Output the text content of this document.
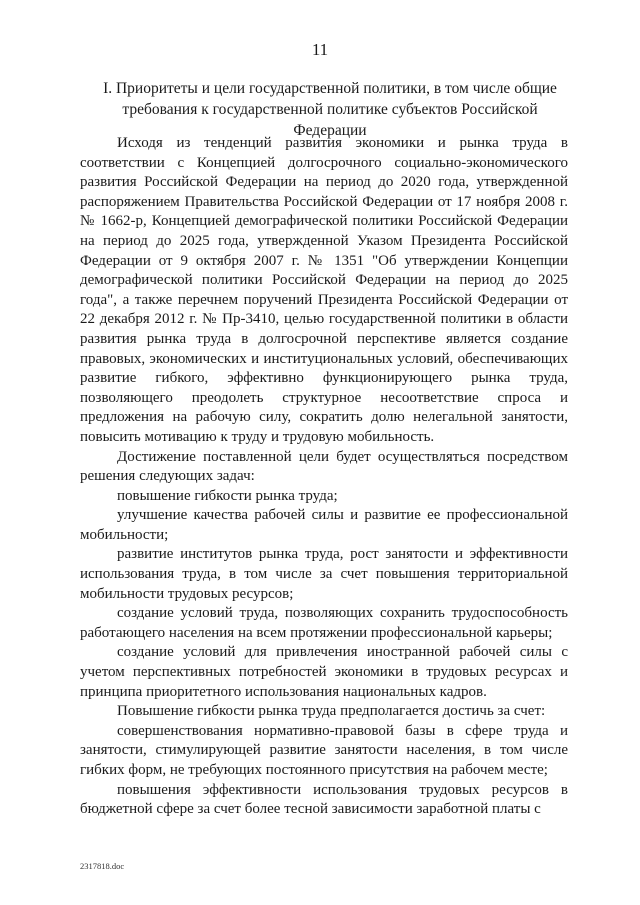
11
I. Приоритеты и цели государственной политики, в том числе общие требования к государственной политике субъектов Российской Федерации

Исходя из тенденций развития экономики и рынка труда в соответствии с Концепцией долгосрочного социально-экономического развития Российской Федерации на период до 2020 года, утвержденной распоряжением Правительства Российской Федерации от 17 ноября 2008 г. № 1662-р, Концепцией демографической политики Российской Федерации на период до 2025 года, утвержденной Указом Президента Российской Федерации от 9 октября 2007 г. № 1351 "Об утверждении Концепции демографической политики Российской Федерации на период до 2025 года", а также перечнем поручений Президента Российской Федерации от 22 декабря 2012 г. № Пр-3410, целью государственной политики в области развития рынка труда в долгосрочной перспективе является создание правовых, экономических и институциональных условий, обеспечивающих развитие гибкого, эффективно функционирующего рынка труда, позволяющего преодолеть структурное несоответствие спроса и предложения на рабочую силу, сократить долю нелегальной занятости, повысить мотивацию к труду и трудовую мобильность.

Достижение поставленной цели будет осуществляться посредством решения следующих задач:

повышение гибкости рынка труда;

улучшение качества рабочей силы и развитие ее профессиональной мобильности;

развитие институтов рынка труда, рост занятости и эффективности использования труда, в том числе за счет повышения территориальной мобильности трудовых ресурсов;

создание условий труда, позволяющих сохранить трудоспособность работающего населения на всем протяжении профессиональной карьеры;

создание условий для привлечения иностранной рабочей силы с учетом перспективных потребностей экономики в трудовых ресурсах и принципа приоритетного использования национальных кадров.

Повышение гибкости рынка труда предполагается достичь за счет:

совершенствования нормативно-правовой базы в сфере труда и занятости, стимулирующей развитие занятости населения, в том числе гибких форм, не требующих постоянного присутствия на рабочем месте;

повышения эффективности использования трудовых ресурсов в бюджетной сфере за счет более тесной зависимости заработной платы с

2317818.doc
